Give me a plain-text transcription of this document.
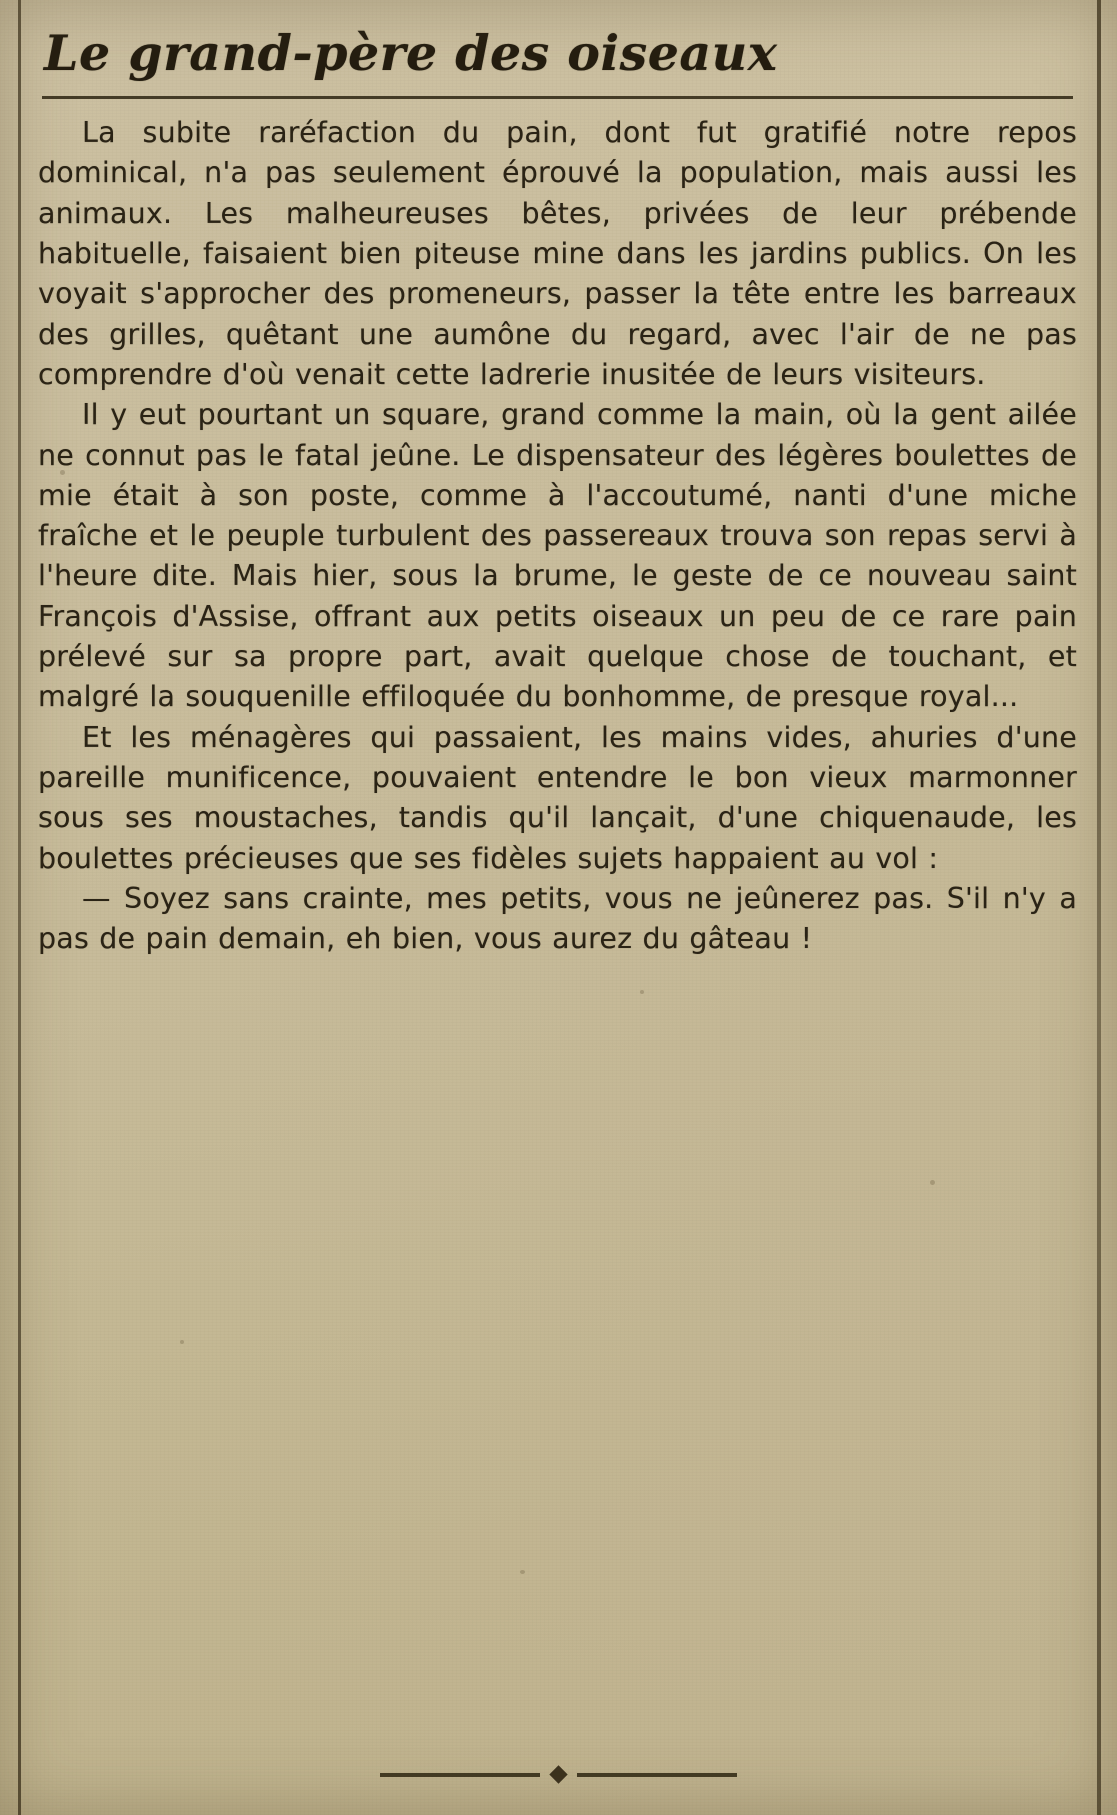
Le grand-père des oiseaux

La subite raréfaction du pain, dont fut gratifié notre repos dominical, n'a pas seulement éprouvé la population, mais aussi les animaux. Les malheureuses bêtes, privées de leur prébende habituelle, faisaient bien piteuse mine dans les jardins publics. On les voyait s'approcher des promeneurs, passer la tête entre les barreaux des grilles, quêtant une aumône du regard, avec l'air de ne pas comprendre d'où venait cette ladrerie inusitée de leurs visiteurs.

Il y eut pourtant un square, grand comme la main, où la gent ailée ne connut pas le fatal jeûne. Le dispensateur des légères boulettes de mie était à son poste, comme à l'accoutumé, nanti d'une miche fraîche et le peuple turbulent des passereaux trouva son repas servi à l'heure dite. Mais hier, sous la brume, le geste de ce nouveau saint François d'Assise, offrant aux petits oiseaux un peu de ce rare pain prélevé sur sa propre part, avait quelque chose de touchant, et malgré la souquenille effiloquée du bonhomme, de presque royal...

Et les ménagères qui passaient, les mains vides, ahuries d'une pareille munificence, pouvaient entendre le bon vieux marmonner sous ses moustaches, tandis qu'il lançait, d'une chiquenaude, les boulettes précieuses que ses fidèles sujets happaient au vol :

— Soyez sans crainte, mes petits, vous ne jeûnerez pas. S'il n'y a pas de pain demain, eh bien, vous aurez du gâteau !
